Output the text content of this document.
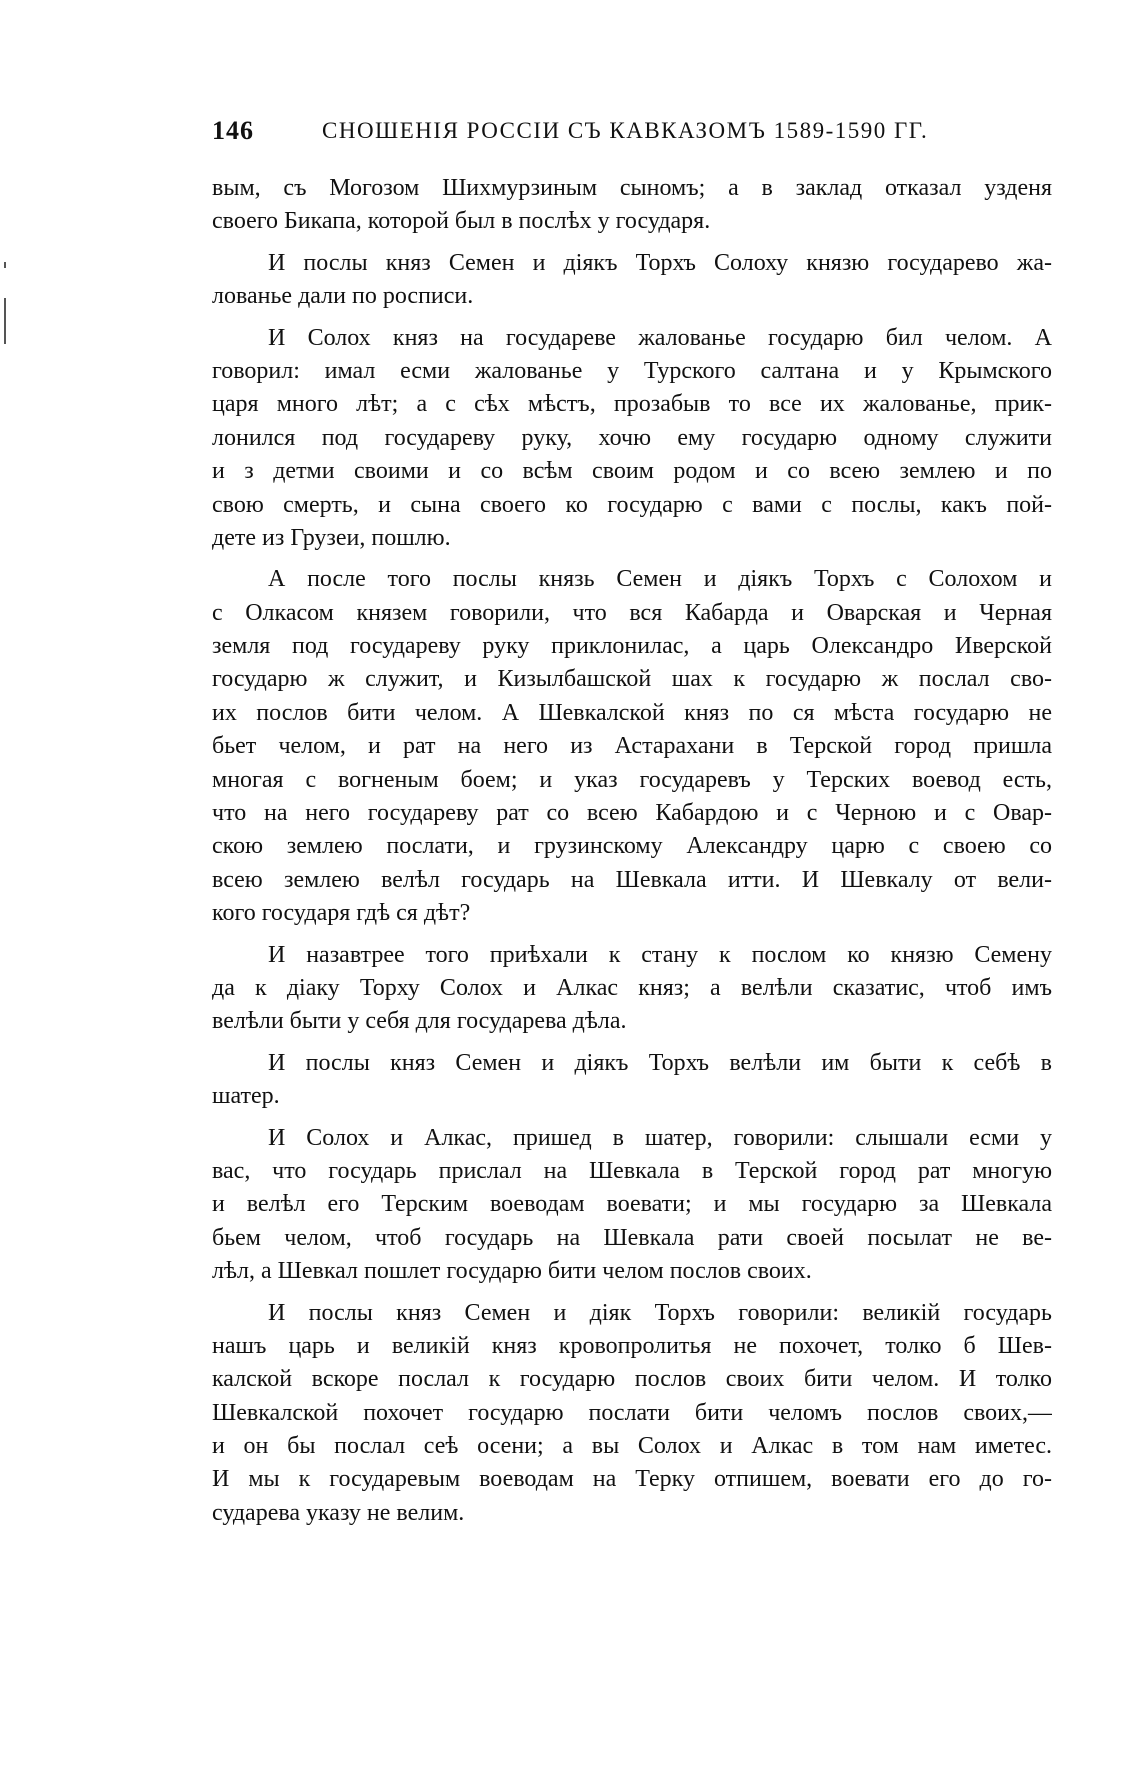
146	СНОШЕНІЯ РОССІИ СЪ КАВКАЗОМЪ 1589-1590 ГГ.
вым, съ Могозом Шихмурзиным сыномъ; а в заклад отказал узденя
своего Бикапа, которой был в послѣх у государя.
И послы княз Семен и діякъ Торхъ Солоху князю государево жа-
лованье дали по росписи.
И Солох княз на государеве жалованье государю бил челом. А
говорил: имал есми жалованье у Турского салтана и у Крымского
царя много лѣт; а с сѣх мѣстъ, прозабыв то все их жалованье, прик-
лонился под государеву руку, хочю ему государю одному служити
и з детми своими и со всѣм своим родом и со всею землею и по
свою смерть, и сына своего ко государю с вами с послы, какъ пой-
дете из Грузеи, пошлю.
А после того послы князь Семен и діякъ Торхъ с Солохом и
с Олкасом князем говорили, что вся Кабарда и Оварская и Черная
земля под государеву руку приклонилас, а царь Олександро Иверской
государю ж служит, и Кизылбашской шах к государю ж послал сво-
их послов бити челом. А Шевкалской княз по ся мѣста государю не
бьет челом, и рат на него из Астарахани в Терской город пришла
многая с вогненым боем; и указ государевъ у Терских воевод есть,
что на него государеву рат со всею Кабардою и с Черною и с Овар-
скою землею послати, и грузинскому Александру царю с своею со
всею землею велѣл государь на Шевкала итти. И Шевкалу от вели-
кого государя гдѣ ся дѣт?
И назавтрее того приѣхали к стану к послом ко князю Семену
да к діаку Торху Солох и Алкас княз; а велѣли сказатис, чтоб имъ
велѣли быти у себя для государева дѣла.
И послы княз Семен и діякъ Торхъ велѣли им быти к себѣ в
шатер.
И Солох и Алкас, пришед в шатер, говорили: слышали есми у
вас, что государь прислал на Шевкала в Терской город рат многую
и велѣл его Терским воеводам воевати; и мы государю за Шевкала
бьем челом, чтоб государь на Шевкала рати своей посылат не ве-
лѣл, а Шевкал пошлет государю бити челом послов своих.
И послы княз Семен и діяк Торхъ говорили: великій государь
нашъ царь и великій княз кровопролитья не похочет, толко б Шев-
калской вскоре послал к государю послов своих бити челом. И толко
Шевкалской похочет государю послати бити челомъ послов своих,—
и он бы послал сеѣ осени; а вы Солох и Алкас в том нам иметес.
И мы к государевым воеводам на Терку отпишем, воевати его до го-
сударева указу не велим.
